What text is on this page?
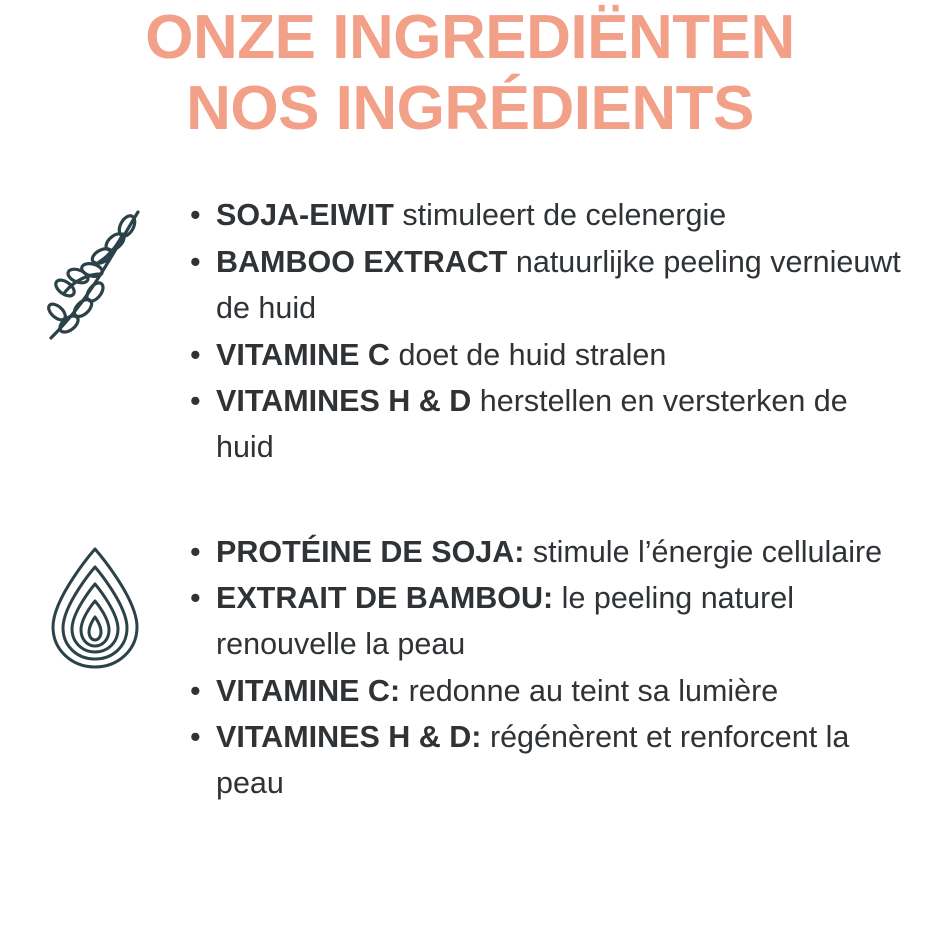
ONZE INGREDIËNTEN
NOS INGRÉDIENTS
• SOJA-EIWIT stimuleert de celenergie
• BAMBOO EXTRACT natuurlijke peeling vernieuwt de huid
• VITAMINE C doet de huid stralen
• VITAMINES H & D herstellen en versterken de huid
• PROTÉINE DE SOJA: stimule l’énergie cellulaire
• EXTRAIT DE BAMBOU: le peeling naturel renouvelle la peau
• VITAMINE C: redonne au teint sa lumière
• VITAMINES H & D: régénèrent et renforcent la peau
